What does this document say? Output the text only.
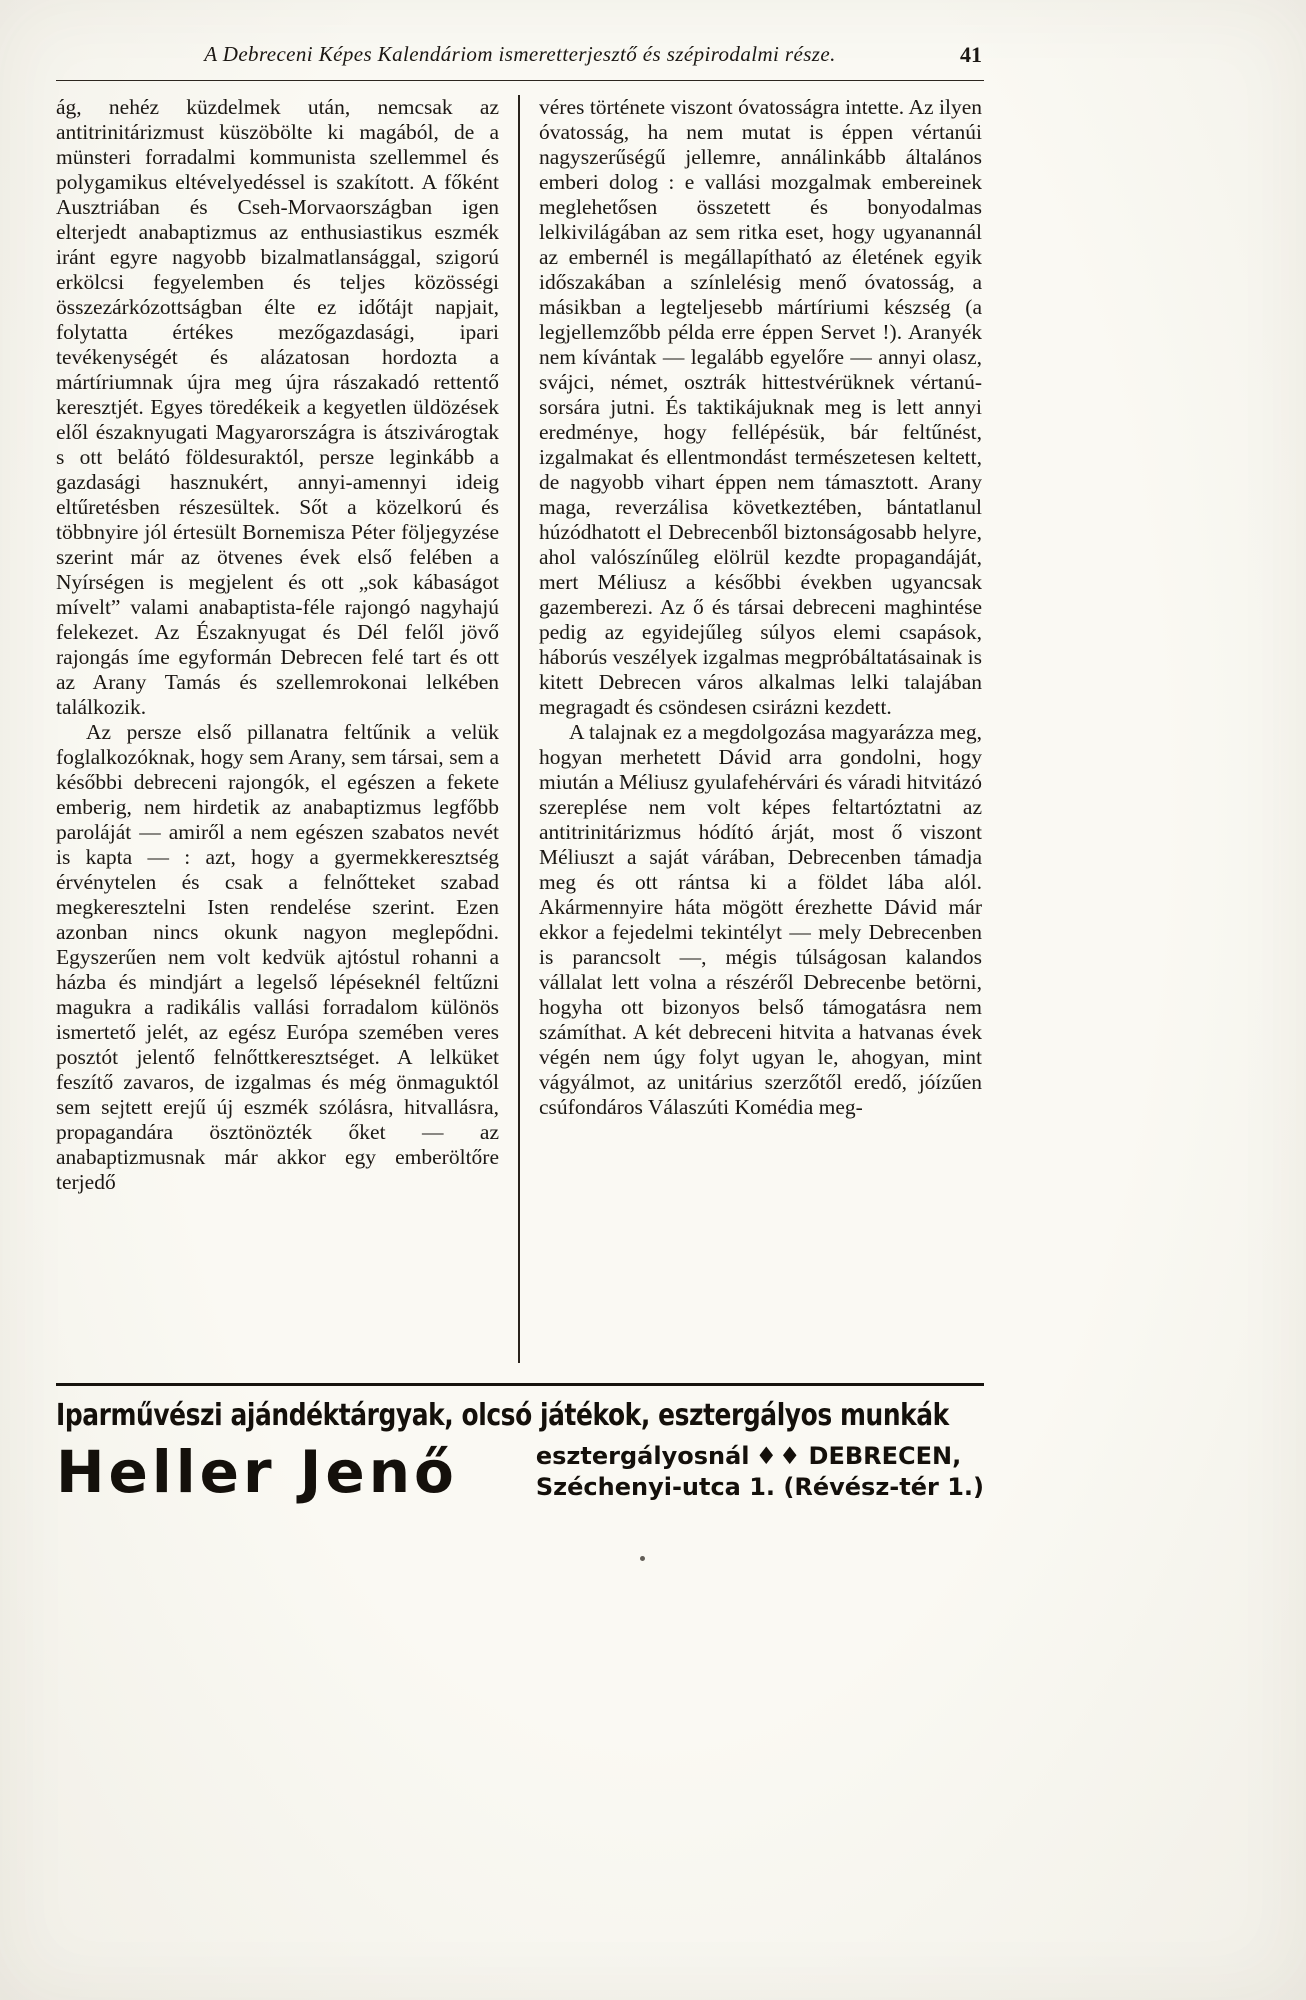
A Debreceni Képes Kalendáriom ismeretterjesztő és szépirodalmi része.	41

ág, nehéz küzdelmek után, nemcsak az antitrinitárizmust küszöbölte ki magából, de a münsteri forradalmi kommunista szellemmel és polygamikus eltévelyedéssel is szakított. A főként Ausztriában és Cseh-Morvaországban igen elterjedt anabaptizmus az enthusiastikus eszmék iránt egyre nagyobb bizalmatlansággal, szigorú erkölcsi fegyelemben és teljes közösségi összezárkózottságban élte ez időtájt napjait, folytatta értékes mezőgazdasági, ipari tevékenységét és alázatosan hordozta a mártíriumnak újra meg újra rászakadó rettentő keresztjét. Egyes töredékeik a kegyetlen üldözések elől északnyugati Magyarországra is átszivárogtak s ott belátó földesuraktól, persze leginkább a gazdasági hasznukért, annyi-amennyi ideig eltűretésben részesültek. Sőt a közelkorú és többnyire jól értesült Bornemisza Péter följegyzése szerint már az ötvenes évek első felében a Nyírségen is megjelent és ott „sok kábaságot mívelt” valami anabaptista-féle rajongó nagyhajú felekezet. Az Északnyugat és Dél felől jövő rajongás íme egyformán Debrecen felé tart és ott az Arany Tamás és szellemrokonai lelkében találkozik.

Az persze első pillanatra feltűnik a velük foglalkozóknak, hogy sem Arany, sem társai, sem a későbbi debreceni rajongók, el egészen a fekete emberig, nem hirdetik az anabaptizmus legfőbb paroláját — amiről a nem egészen szabatos nevét is kapta — : azt, hogy a gyermekkeresztség érvénytelen és csak a felnőtteket szabad megkeresztelni Isten rendelése szerint. Ezen azonban nincs okunk nagyon meglepődni. Egyszerűen nem volt kedvük ajtóstul rohanni a házba és mindjárt a legelső lépéseknél feltűzni magukra a radikális vallási forradalom különös ismertető jelét, az egész Európa szemében veres posztót jelentő felnőttkeresztséget. A lelküket feszítő zavaros, de izgalmas és még önmaguktól sem sejtett erejű új eszmék szólásra, hitvallásra, propagandára ösztönözték őket — az anabaptizmusnak már akkor egy emberöltőre terjedő

véres története viszont óvatosságra intette. Az ilyen óvatosság, ha nem mutat is éppen vértanúi nagyszerűségű jellemre, annálinkább általános emberi dolog : e vallási mozgalmak embereinek meglehetősen összetett és bonyodalmas lelkivilágában az sem ritka eset, hogy ugyanannál az embernél is megállapítható az életének egyik időszakában a színlelésig menő óvatosság, a másikban a legteljesebb mártíriumi készség (a legjellemzőbb példa erre éppen Servet !). Aranyék nem kívántak — legalább egyelőre — annyi olasz, svájci, német, osztrák hittestvérüknek vértanú-sorsára jutni. És taktikájuknak meg is lett annyi eredménye, hogy fellépésük, bár feltűnést, izgalmakat és ellentmondást természetesen keltett, de nagyobb vihart éppen nem támasztott. Arany maga, reverzálisa következtében, bántatlanul húzódhatott el Debrecenből biztonságosabb helyre, ahol valószínűleg elölrül kezdte propagandáját, mert Méliusz a későbbi években ugyancsak gazemberezi. Az ő és társai debreceni maghintése pedig az egyidejűleg súlyos elemi csapások, háborús veszélyek izgalmas megpróbáltatásainak is kitett Debrecen város alkalmas lelki talajában megragadt és csöndesen csirázni kezdett.

A talajnak ez a megdolgozása magyarázza meg, hogyan merhetett Dávid arra gondolni, hogy miután a Méliusz gyulafehérvári és váradi hitvitázó szereplése nem volt képes feltartóztatni az antitrinitárizmus hódító árját, most ő viszont Méliuszt a saját várában, Debrecenben támadja meg és ott rántsa ki a földet lába alól. Akármennyire háta mögött érezhette Dávid már ekkor a fejedelmi tekintélyt — mely Debrecenben is parancsolt —, mégis túlságosan kalandos vállalat lett volna a részéről Debrecenbe betörni, hogyha ott bizonyos belső támogatásra nem számíthat. A két debreceni hitvita a hatvanas évek végén nem úgy folyt ugyan le, ahogyan, mint vágyálmot, az unitárius szerzőtől eredő, jóízűen csúfondáros Válaszúti Komédia meg-

Iparművészi ajándéktárgyak, olcsó játékok, esztergályos munkák
Heller Jenő	esztergályosnál ♦♦ DEBRECEN,
Széchenyi-utca 1. (Révész-tér 1.)
